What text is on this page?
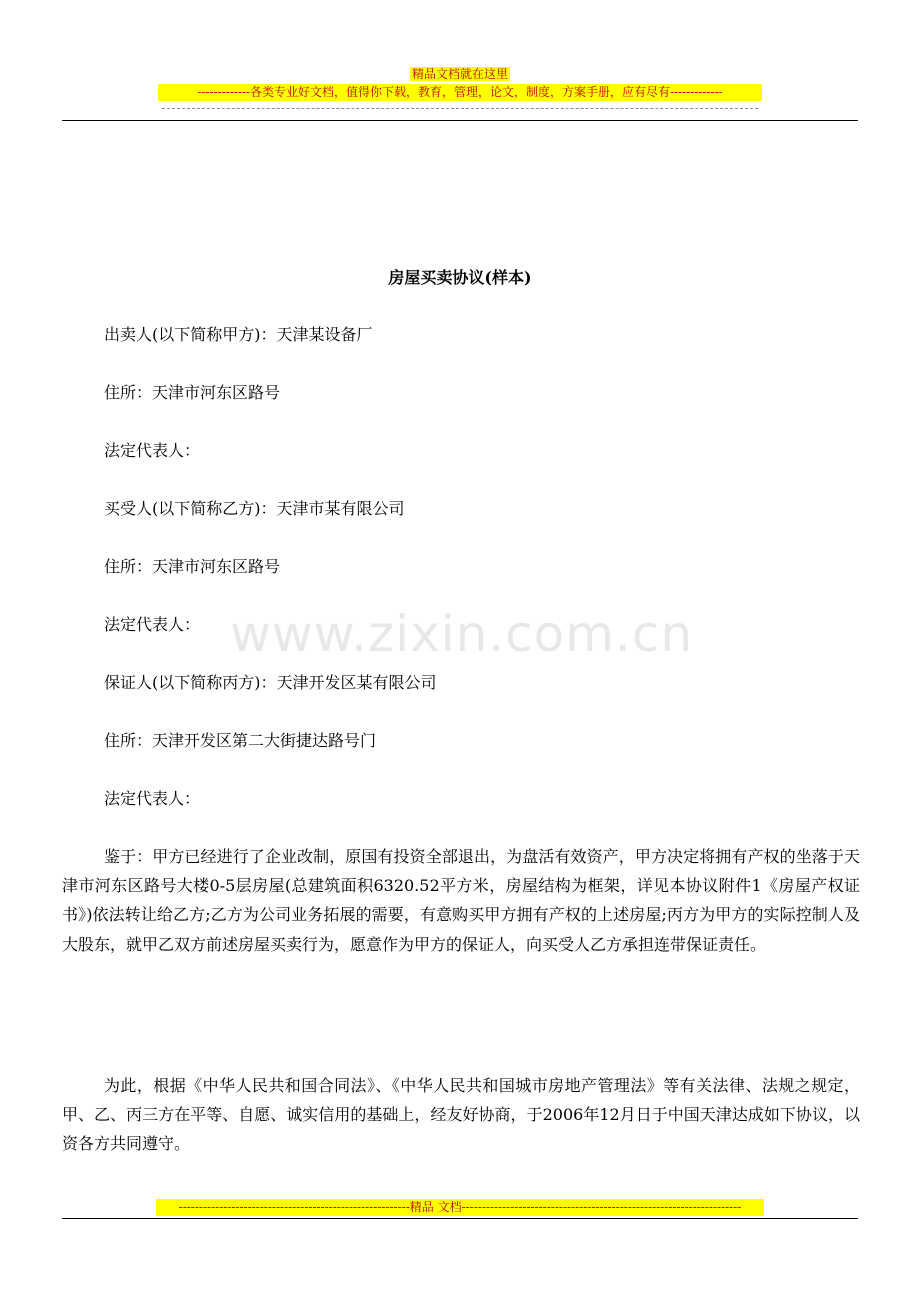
精品文档就在这里
-------------各类专业好文档，值得你下载，教育，管理，论文，制度，方案手册，应有尽有-------------
房屋买卖协议(样本)
出卖人(以下简称甲方)：天津某设备厂
住所：天津市河东区路号
法定代表人：
买受人(以下简称乙方)：天津市某有限公司
住所：天津市河东区路号
法定代表人：
保证人(以下简称丙方)：天津开发区某有限公司
住所：天津开发区第二大街捷达路号门
法定代表人：
鉴于：甲方已经进行了企业改制，原国有投资全部退出，为盘活有效资产，甲方决定将拥有产权的坐落于天津市河东区路号大楼0-5层房屋(总建筑面积6320.52平方米，房屋结构为框架，详见本协议附件1《房屋产权证书》)依法转让给乙方;乙方为公司业务拓展的需要，有意购买甲方拥有产权的上述房屋;丙方为甲方的实际控制人及大股东，就甲乙双方前述房屋买卖行为，愿意作为甲方的保证人，向买受人乙方承担连带保证责任。
为此，根据《中华人民共和国合同法》、《中华人民共和国城市房地产管理法》等有关法律、法规之规定，甲、乙、丙三方在平等、自愿、诚实信用的基础上，经友好协商，于2006年12月日于中国天津达成如下协议，以资各方共同遵守。
www.zixin.com.cn
---------------------------------------------------------精品 文档---------------------------------------------------------------------
